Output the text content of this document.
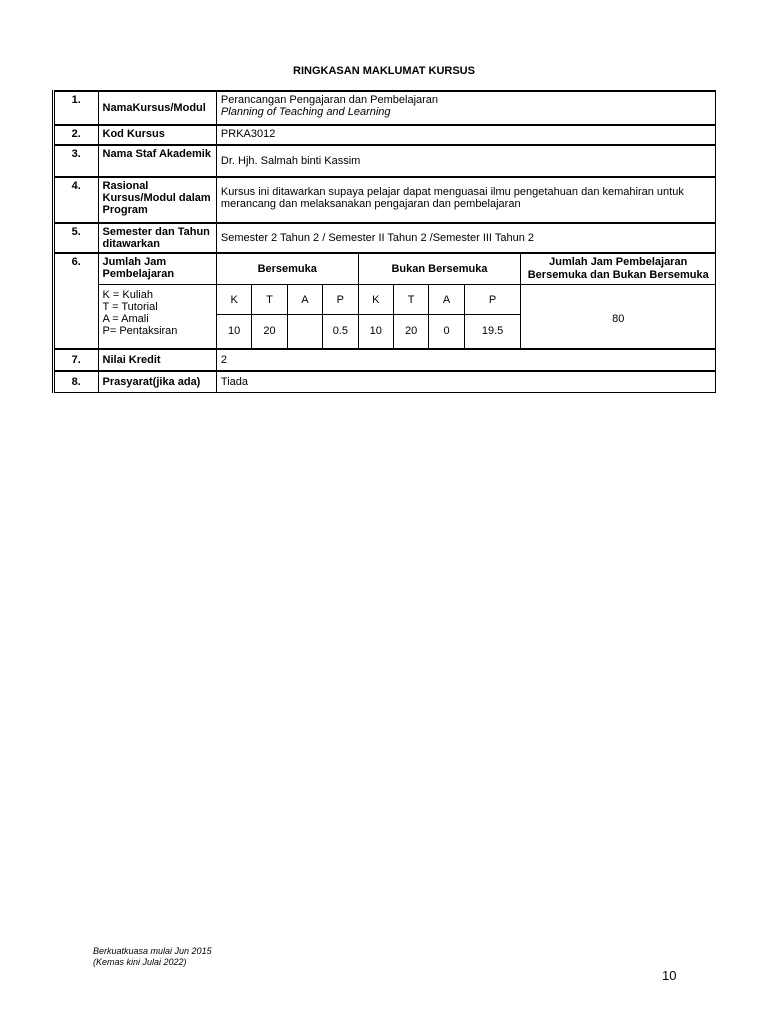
RINGKASAN MAKLUMAT KURSUS
1.	NamaKursus/Modul	Perancangan Pengajaran dan Pembelajaran
Planning of Teaching and Learning								

2.	Kod Kursus	PRKA3012								
3.	Nama Staf Akademik	Dr. Hjh. Salmah binti Kassim								
4.	Rasional Kursus/Modul dalam Program	Kursus ini ditawarkan supaya pelajar dapat menguasai ilmu pengetahuan dan kemahiran untuk merancang dan melaksanakan pengajaran dan pembelajaran								
5.	Semester dan Tahun ditawarkan	Semester 2 Tahun 2 / Semester II Tahun 2 /Semester III Tahun 2								
6.	Jumlah Jam Pembelajaran	Bersemuka				Bukan Bersemuka				Jumlah Jam Pembelajaran Bersemuka dan Bukan Bersemuka

	K = Kuliah
T = Tutorial
A = Amali
P= Pentaksiran	K	T	A	P	K	T	A	P	80
		10	20		0.5	10	20	0	19.5	
7.	Nilai Kredit	2								
8.	Prasyarat(jika ada)	Tiada								
Berkuatkuasa mulai Jun 2015
(Kemas kini Julai 2022)
10
